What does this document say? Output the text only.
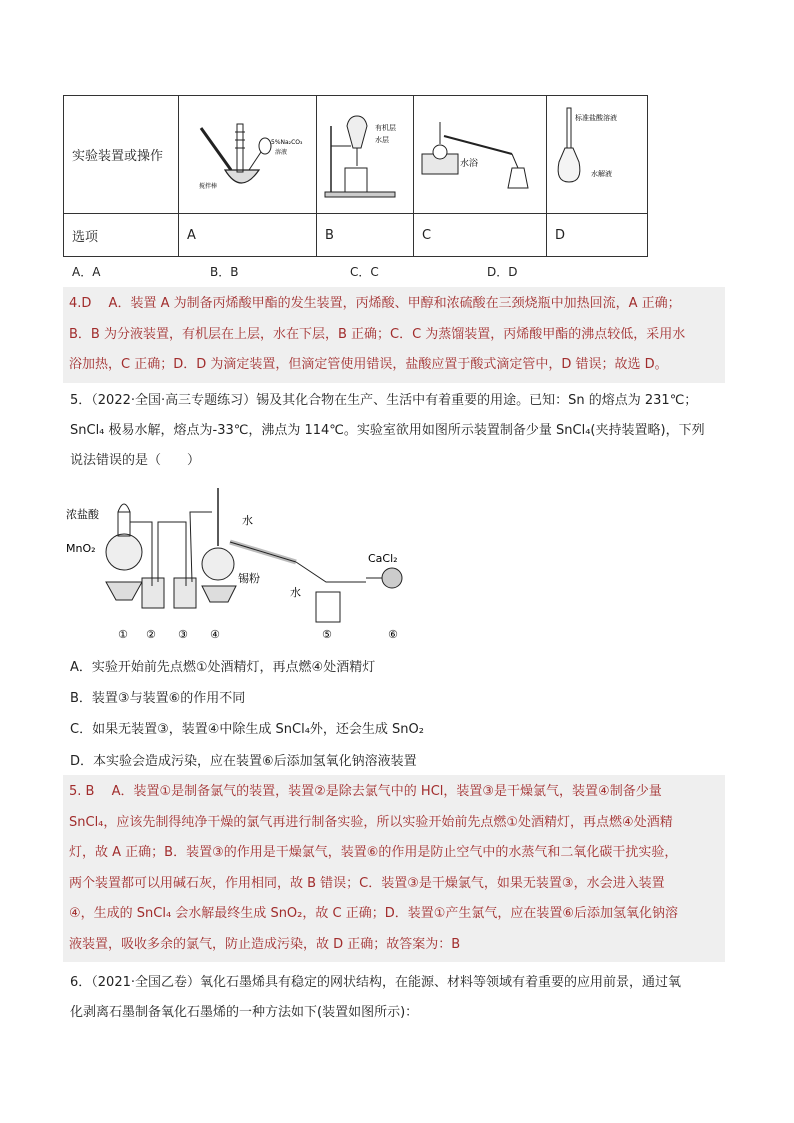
实验装置或操作	搅拌棒
5%Na₂CO₃
溶液	有机层
水层	水浴	标准盐酸溶液
水解液

选项	A	B	C	D
A．A	B．B	C．C	D．D
4.D　 A．装置 A 为制备丙烯酸甲酯的发生装置，丙烯酸、甲醇和浓硫酸在三颈烧瓶中加热回流，A 正确；
B．B 为分液装置，有机层在上层，水在下层，B 正确；C．C 为蒸馏装置，丙烯酸甲酯的沸点较低，采用水
浴加热，C 正确；D．D 为滴定装置，但滴定管使用错误，盐酸应置于酸式滴定管中，D 错误；故选 D。
5．（2022·全国·高三专题练习）锡及其化合物在生产、生活中有着重要的用途。已知：Sn 的熔点为 231℃；
SnCl₄ 极易水解，熔点为-33℃，沸点为 114℃。实验室欲用如图所示装置制备少量 SnCl₄(夹持装置略)，下列
说法错误的是（　　）
浓盐酸
MnO₂
水
水
锡粉
CaCl₂
① ② ③ ④	⑤	⑥
A．实验开始前先点燃①处酒精灯，再点燃④处酒精灯
B．装置③与装置⑥的作用不同
C．如果无装置③，装置④中除生成 SnCl₄外，还会生成 SnO₂
D．本实验会造成污染，应在装置⑥后添加氢氧化钠溶液装置
5. B　 A．装置①是制备氯气的装置，装置②是除去氯气中的 HCl，装置③是干燥氯气，装置④制备少量
SnCl₄，应该先制得纯净干燥的氯气再进行制备实验，所以实验开始前先点燃①处酒精灯，再点燃④处酒精
灯，故 A 正确；B．装置③的作用是干燥氯气，装置⑥的作用是防止空气中的水蒸气和二氧化碳干扰实验，
两个装置都可以用碱石灰，作用相同，故 B 错误；C．装置③是干燥氯气，如果无装置③，水会进入装置
④，生成的 SnCl₄ 会水解最终生成 SnO₂，故 C 正确；D．装置①产生氯气，应在装置⑥后添加氢氧化钠溶
液装置，吸收多余的氯气，防止造成污染，故 D 正确；故答案为：B
6．（2021·全国乙卷）氧化石墨烯具有稳定的网状结构，在能源、材料等领域有着重要的应用前景，通过氧
化剥离石墨制备氧化石墨烯的一种方法如下(装置如图所示)：
